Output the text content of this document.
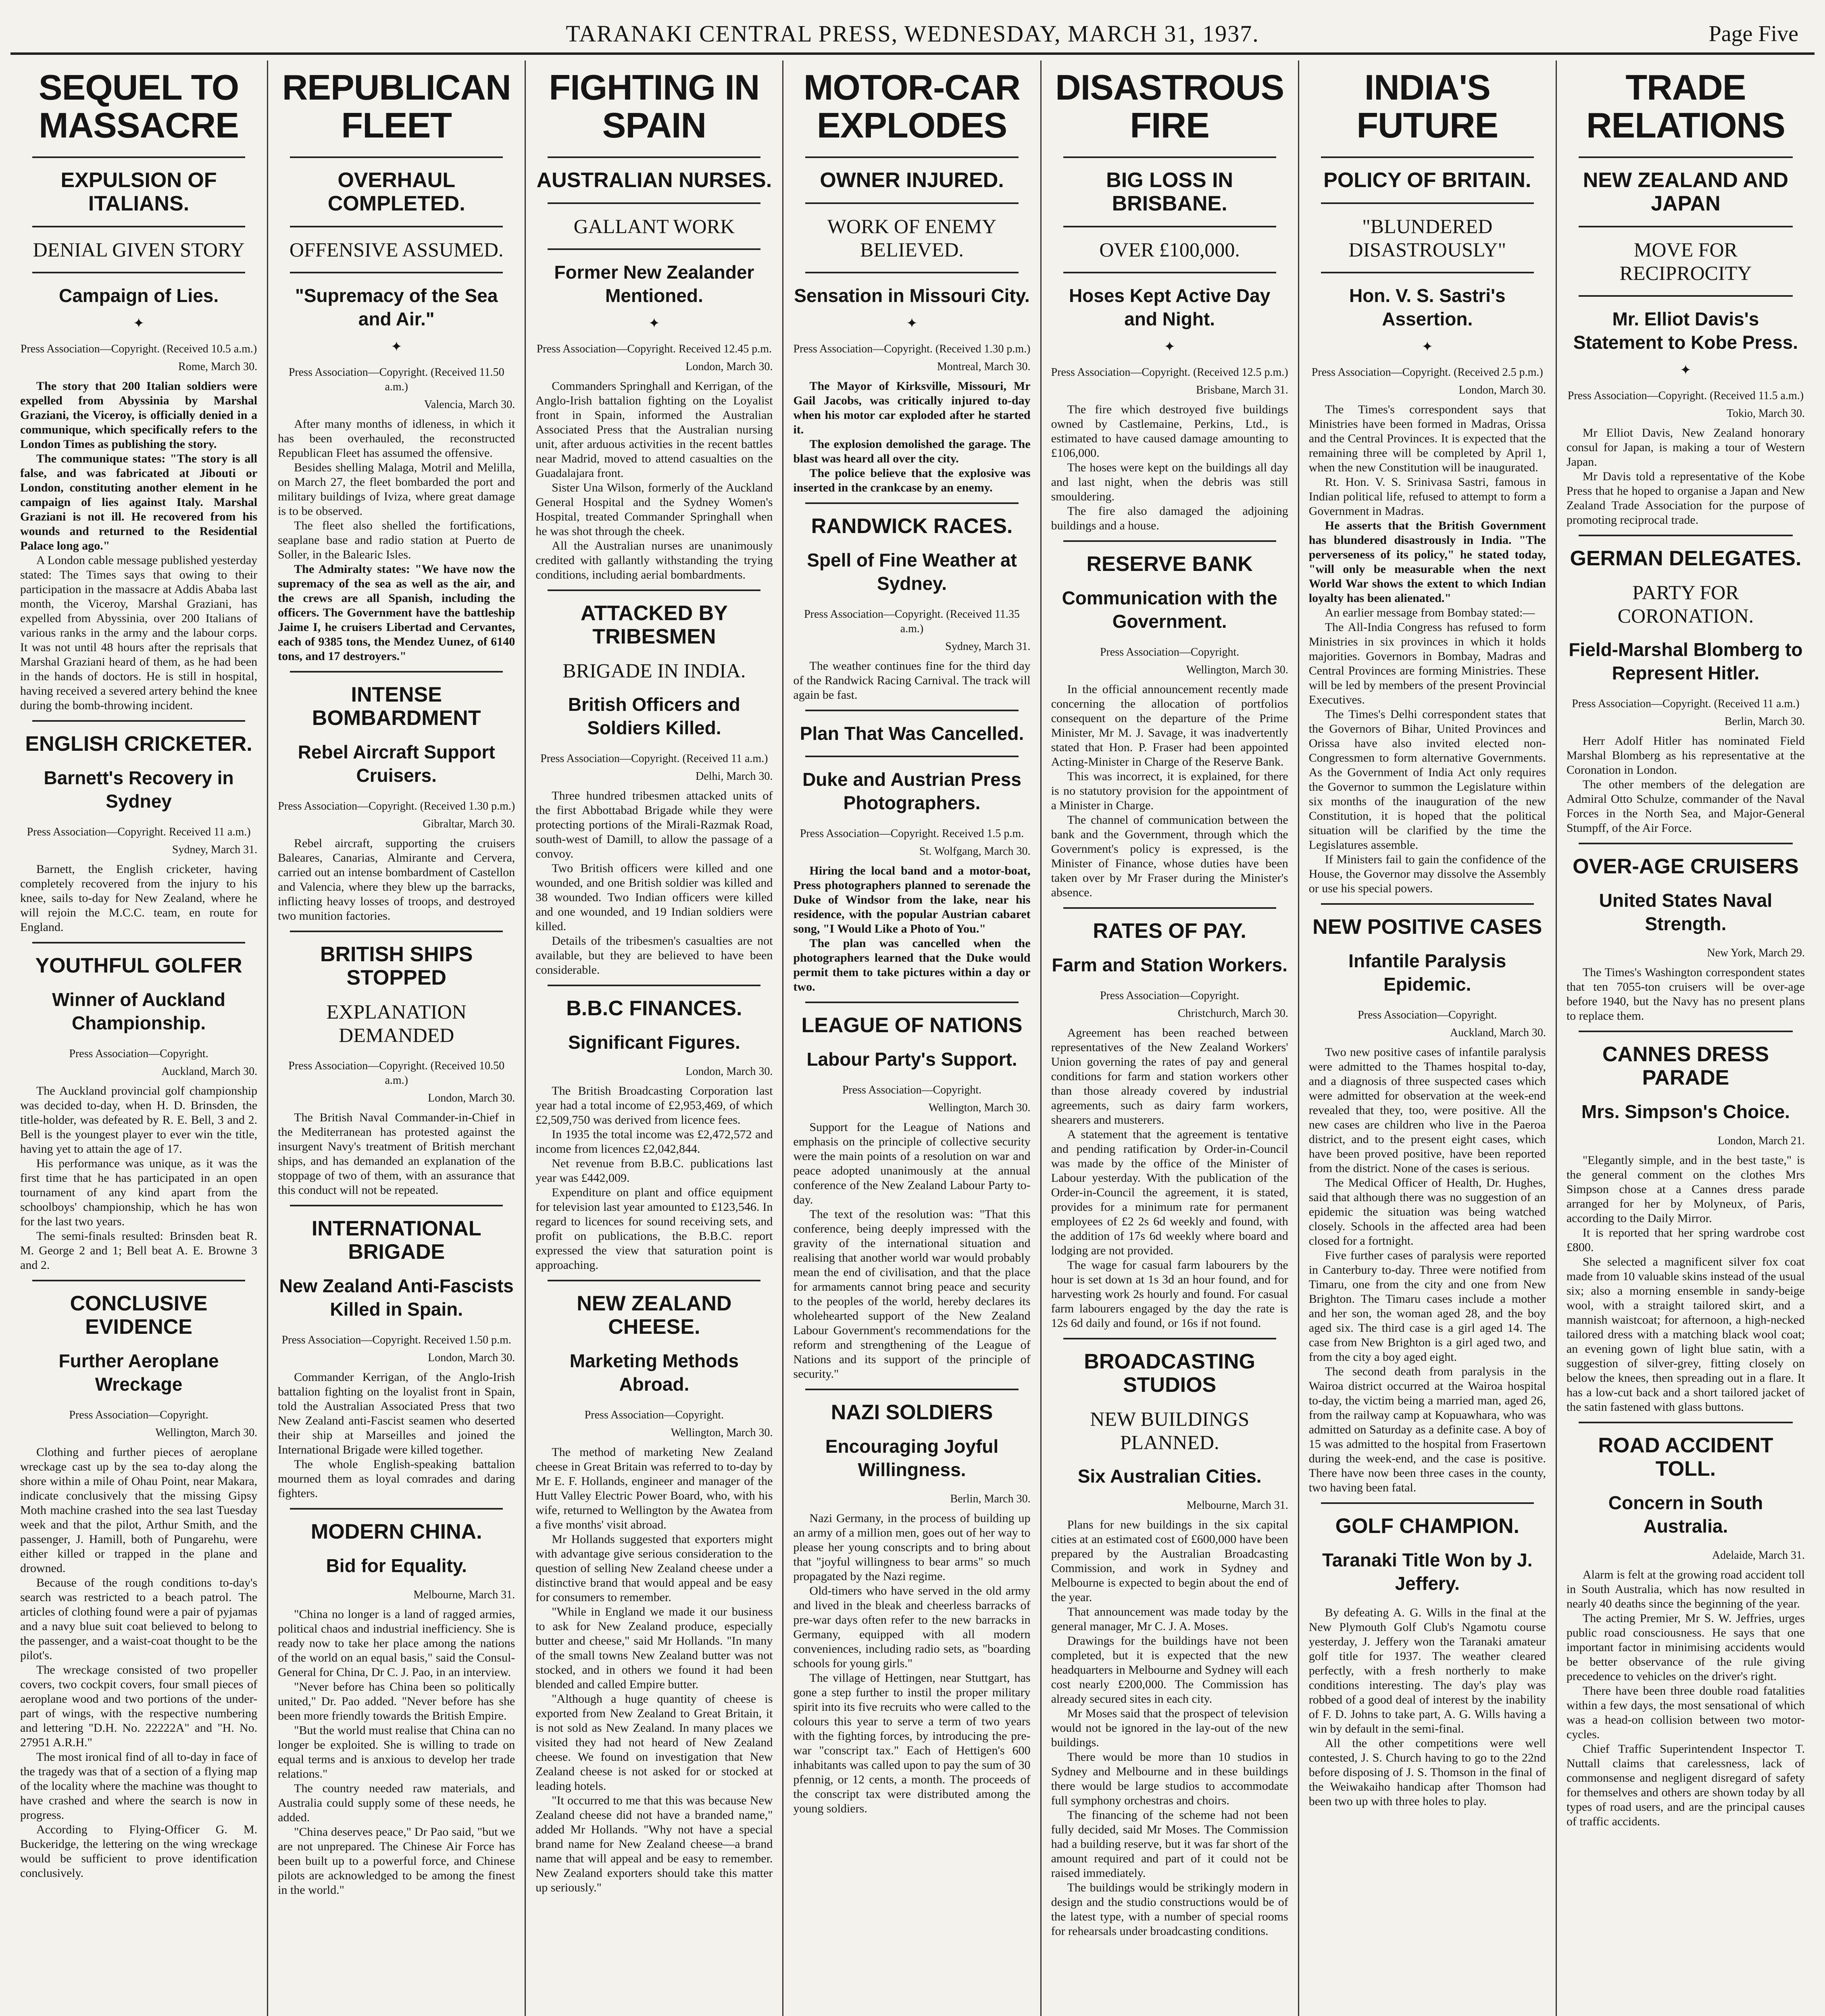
TARANAKI CENTRAL PRESS, WEDNESDAY, MARCH 31, 1937.	Page Five
SEQUEL TO MASSACRE
EXPULSION OF ITALIANS.
DENIAL GIVEN STORY
Campaign of Lies.
✦
Press Association—Copyright. (Received 10.5 a.m.)
Rome, March 30.

The story that 200 Italian soldiers were expelled from Abyssinia by Marshal Graziani, the Viceroy, is officially denied in a communique, which specifically refers to the London Times as publishing the story.

The communique states: "The story is all false, and was fabricated at Jibouti or London, constituting another element in he campaign of lies against Italy. Marshal Graziani is not ill. He recovered from his wounds and returned to the Residential Palace long ago."

A London cable message published yesterday stated: The Times says that owing to their participation in the massacre at Addis Ababa last month, the Viceroy, Marshal Graziani, has expelled from Abyssinia, over 200 Italians of various ranks in the army and the labour corps. It was not until 48 hours after the reprisals that Marshal Graziani heard of them, as he had been in the hands of doctors. He is still in hospital, having received a severed artery behind the knee during the bomb-throwing incident.

ENGLISH CRICKETER.
Barnett's Recovery in Sydney
Press Association—Copyright. Received 11 a.m.)
Sydney, March 31.

Barnett, the English cricketer, having completely recovered from the injury to his knee, sails to-day for New Zealand, where he will rejoin the M.C.C. team, en route for England.

YOUTHFUL GOLFER
Winner of Auckland Championship.
Press Association—Copyright.
Auckland, March 30.

The Auckland provincial golf championship was decided to-day, when H. D. Brinsden, the title-holder, was defeated by R. E. Bell, 3 and 2. Bell is the youngest player to ever win the title, having yet to attain the age of 17.

His performance was unique, as it was the first time that he has participated in an open tournament of any kind apart from the schoolboys' championship, which he has won for the last two years.

The semi-finals resulted: Brinsden beat R. M. George 2 and 1; Bell beat A. E. Browne 3 and 2.

CONCLUSIVE EVIDENCE
Further Aeroplane Wreckage
Press Association—Copyright.
Wellington, March 30.

Clothing and further pieces of aeroplane wreckage cast up by the sea to-day along the shore within a mile of Ohau Point, near Makara, indicate conclusively that the missing Gipsy Moth machine crashed into the sea last Tuesday week and that the pilot, Arthur Smith, and the passenger, J. Hamill, both of Pungarehu, were either killed or trapped in the plane and drowned.

Because of the rough conditions to-day's search was restricted to a beach patrol. The articles of clothing found were a pair of pyjamas and a navy blue suit coat believed to belong to the passenger, and a waist-coat thought to be the pilot's.

The wreckage consisted of two propeller covers, two cockpit covers, four small pieces of aeroplane wood and two portions of the under-part of wings, with the respective numbering and lettering "D.H. No. 22222A" and "H. No. 27951 A.R.H."

The most ironical find of all to-day in face of the tragedy was that of a section of a flying map of the locality where the machine was thought to have crashed and where the search is now in progress.

According to Flying-Officer G. M. Buckeridge, the lettering on the wing wreckage would be sufficient to prove identification conclusively.

REPUBLICAN FLEET
OVERHAUL COMPLETED.
OFFENSIVE ASSUMED.
"Supremacy of the Sea and Air."
✦
Press Association—Copyright. (Received 11.50 a.m.)
Valencia, March 30.

After many months of idleness, in which it has been overhauled, the reconstructed Republican Fleet has assumed the offensive.

Besides shelling Malaga, Motril and Melilla, on March 27, the fleet bombarded the port and military buildings of Iviza, where great damage is to be observed.

The fleet also shelled the fortifications, seaplane base and radio station at Puerto de Soller, in the Balearic Isles.

The Admiralty states: "We have now the supremacy of the sea as well as the air, and the crews are all Spanish, including the officers. The Government have the battleship Jaime I, he cruisers Libertad and Cervantes, each of 9385 tons, the Mendez Uunez, of 6140 tons, and 17 destroyers."

INTENSE BOMBARDMENT
Rebel Aircraft Support Cruisers.
Press Association—Copyright. (Received 1.30 p.m.)
Gibraltar, March 30.

Rebel aircraft, supporting the cruisers Baleares, Canarias, Almirante and Cervera, carried out an intense bombardment of Castellon and Valencia, where they blew up the barracks, inflicting heavy losses of troops, and destroyed two munition factories.

BRITISH SHIPS STOPPED
EXPLANATION DEMANDED
Press Association—Copyright. (Received 10.50 a.m.)
London, March 30.

The British Naval Commander-in-Chief in the Mediterranean has protested against the insurgent Navy's treatment of British merchant ships, and has demanded an explanation of the stoppage of two of them, with an assurance that this conduct will not be repeated.

INTERNATIONAL BRIGADE
New Zealand Anti-Fascists Killed in Spain.
Press Association—Copyright. Received 1.50 p.m.
London, March 30.

Commander Kerrigan, of the Anglo-Irish battalion fighting on the loyalist front in Spain, told the Australian Associated Press that two New Zealand anti-Fascist seamen who deserted their ship at Marseilles and joined the International Brigade were killed together.

The whole English-speaking battalion mourned them as loyal comrades and daring fighters.

MODERN CHINA.
Bid for Equality.
Melbourne, March 31.

"China no longer is a land of ragged armies, political chaos and industrial inefficiency. She is ready now to take her place among the nations of the world on an equal basis," said the Consul-General for China, Dr C. J. Pao, in an interview.

"Never before has China been so politically united," Dr. Pao added. "Never before has she been more friendly towards the British Empire.

"But the world must realise that China can no longer be exploited. She is willing to trade on equal terms and is anxious to develop her trade relations."

The country needed raw materials, and Australia could supply some of these needs, he added.

"China deserves peace," Dr Pao said, "but we are not unprepared. The Chinese Air Force has been built up to a powerful force, and Chinese pilots are acknowledged to be among the finest in the world."

FIGHTING IN SPAIN
AUSTRALIAN NURSES.
GALLANT WORK
Former New Zealander Mentioned.
✦
Press Association—Copyright. Received 12.45 p.m.
London, March 30.

Commanders Springhall and Kerrigan, of the Anglo-Irish battalion fighting on the Loyalist front in Spain, informed the Australian Associated Press that the Australian nursing unit, after arduous activities in the recent battles near Madrid, moved to attend casualties on the Guadalajara front.

Sister Una Wilson, formerly of the Auckland General Hospital and the Sydney Women's Hospital, treated Commander Springhall when he was shot through the cheek.

All the Australian nurses are unanimously credited with gallantly withstanding the trying conditions, including aerial bombardments.

ATTACKED BY TRIBESMEN
BRIGADE IN INDIA.
British Officers and Soldiers Killed.
Press Association—Copyright. (Received 11 a.m.)
Delhi, March 30.

Three hundred tribesmen attacked units of the first Abbottabad Brigade while they were protecting portions of the Mirali-Razmak Road, south-west of Damill, to allow the passage of a convoy.

Two British officers were killed and one wounded, and one British soldier was killed and 38 wounded. Two Indian officers were killed and one wounded, and 19 Indian soldiers were killed.

Details of the tribesmen's casualties are not available, but they are believed to have been considerable.

B.B.C FINANCES.
Significant Figures.
London, March 30.

The British Broadcasting Corporation last year had a total income of £2,953,469, of which £2,509,750 was derived from licence fees.

In 1935 the total income was £2,472,572 and income from licences £2,042,844.

Net revenue from B.B.C. publications last year was £442,009.

Expenditure on plant and office equipment for television last year amounted to £123,546. In regard to licences for sound receiving sets, and profit on publications, the B.B.C. report expressed the view that saturation point is approaching.

NEW ZEALAND CHEESE.
Marketing Methods Abroad.
Press Association—Copyright.
Wellington, March 30.

The method of marketing New Zealand cheese in Great Britain was referred to to-day by Mr E. F. Hollands, engineer and manager of the Hutt Valley Electric Power Board, who, with his wife, returned to Wellington by the Awatea from a five months' visit abroad.

Mr Hollands suggested that exporters might with advantage give serious consideration to the question of selling New Zealand cheese under a distinctive brand that would appeal and be easy for consumers to remember.

"While in England we made it our business to ask for New Zealand produce, especially butter and cheese," said Mr Hollands. "In many of the small towns New Zealand butter was not stocked, and in others we found it had been blended and called Empire butter.

"Although a huge quantity of cheese is exported from New Zealand to Great Britain, it is not sold as New Zealand. In many places we visited they had not heard of New Zealand cheese. We found on investigation that New Zealand cheese is not asked for or stocked at leading hotels.

"It occurred to me that this was because New Zealand cheese did not have a branded name," added Mr Hollands. "Why not have a special brand name for New Zealand cheese—a brand name that will appeal and be easy to remember. New Zealand exporters should take this matter up seriously."

MOTOR-CAR EXPLODES
OWNER INJURED.
WORK OF ENEMY BELIEVED.
Sensation in Missouri City.
✦
Press Association—Copyright. (Received 1.30 p.m.)
Montreal, March 30.

The Mayor of Kirksville, Missouri, Mr Gail Jacobs, was critically injured to-day when his motor car exploded after he started it.

The explosion demolished the garage. The blast was heard all over the city.

The police believe that the explosive was inserted in the crankcase by an enemy.

RANDWICK RACES.
Spell of Fine Weather at Sydney.
Press Association—Copyright. (Received 11.35 a.m.)
Sydney, March 31.

The weather continues fine for the third day of the Randwick Racing Carnival. The track will again be fast.

Plan That Was Cancelled.
Duke and Austrian Press Photographers.
Press Association—Copyright. Received 1.5 p.m.
St. Wolfgang, March 30.

Hiring the local band and a motor-boat, Press photographers planned to serenade the Duke of Windsor from the lake, near his residence, with the popular Austrian cabaret song, "I Would Like a Photo of You."

The plan was cancelled when the photographers learned that the Duke would permit them to take pictures within a day or two.

LEAGUE OF NATIONS
Labour Party's Support.
Press Association—Copyright.
Wellington, March 30.

Support for the League of Nations and emphasis on the principle of collective security were the main points of a resolution on war and peace adopted unanimously at the annual conference of the New Zealand Labour Party to-day.

The text of the resolution was: "That this conference, being deeply impressed with the gravity of the international situation and realising that another world war would probably mean the end of civilisation, and that the place for armaments cannot bring peace and security to the peoples of the world, hereby declares its wholehearted support of the New Zealand Labour Government's recommendations for the reform and strengthening of the League of Nations and its support of the principle of security."

NAZI SOLDIERS
Encouraging Joyful Willingness.
Berlin, March 30.

Nazi Germany, in the process of building up an army of a million men, goes out of her way to please her young conscripts and to bring about that "joyful willingness to bear arms" so much propagated by the Nazi regime.

Old-timers who have served in the old army and lived in the bleak and cheerless barracks of pre-war days often refer to the new barracks in Germany, equipped with all modern conveniences, including radio sets, as "boarding schools for young girls."

The village of Hettingen, near Stuttgart, has gone a step further to instil the proper military spirit into its five recruits who were called to the colours this year to serve a term of two years with the fighting forces, by introducing the pre-war "conscript tax." Each of Hettigen's 600 inhabitants was called upon to pay the sum of 30 pfennig, or 12 cents, a month. The proceeds of the conscript tax were distributed among the young soldiers.

DISASTROUS FIRE
BIG LOSS IN BRISBANE.
OVER £100,000.
Hoses Kept Active Day and Night.
✦
Press Association—Copyright. (Received 12.5 p.m.)
Brisbane, March 31.

The fire which destroyed five buildings owned by Castlemaine, Perkins, Ltd., is estimated to have caused damage amounting to £106,000.

The hoses were kept on the buildings all day and last night, when the debris was still smouldering.

The fire also damaged the adjoining buildings and a house.

RESERVE BANK
Communication with the Government.
Press Association—Copyright.
Wellington, March 30.

In the official announcement recently made concerning the allocation of portfolios consequent on the departure of the Prime Minister, Mr M. J. Savage, it was inadvertently stated that Hon. P. Fraser had been appointed Acting-Minister in Charge of the Reserve Bank.

This was incorrect, it is explained, for there is no statutory provision for the appointment of a Minister in Charge.

The channel of communication between the bank and the Government, through which the Government's policy is expressed, is the Minister of Finance, whose duties have been taken over by Mr Fraser during the Minister's absence.

RATES OF PAY.
Farm and Station Workers.
Press Association—Copyright.
Christchurch, March 30.

Agreement has been reached between representatives of the New Zealand Workers' Union governing the rates of pay and general conditions for farm and station workers other than those already covered by industrial agreements, such as dairy farm workers, shearers and musterers.

A statement that the agreement is tentative and pending ratification by Order-in-Council was made by the office of the Minister of Labour yesterday. With the publication of the Order-in-Council the agreement, it is stated, provides for a minimum rate for permanent employees of £2 2s 6d weekly and found, with the addition of 17s 6d weekly where board and lodging are not provided.

The wage for casual farm labourers by the hour is set down at 1s 3d an hour found, and for harvesting work 2s hourly and found. For casual farm labourers engaged by the day the rate is 12s 6d daily and found, or 16s if not found.

BROADCASTING STUDIOS
NEW BUILDINGS PLANNED.
Six Australian Cities.
Melbourne, March 31.

Plans for new buildings in the six capital cities at an estimated cost of £600,000 have been prepared by the Australian Broadcasting Commission, and work in Sydney and Melbourne is expected to begin about the end of the year.

That announcement was made today by the general manager, Mr C. J. A. Moses.

Drawings for the buildings have not been completed, but it is expected that the new headquarters in Melbourne and Sydney will each cost nearly £200,000. The Commission has already secured sites in each city.

Mr Moses said that the prospect of television would not be ignored in the lay-out of the new buildings.

There would be more than 10 studios in Sydney and Melbourne and in these buildings there would be large studios to accommodate full symphony orchestras and choirs.

The financing of the scheme had not been fully decided, said Mr Moses. The Commission had a building reserve, but it was far short of the amount required and part of it could not be raised immediately.

The buildings would be strikingly modern in design and the studio constructions would be of the latest type, with a number of special rooms for rehearsals under broadcasting conditions.

INDIA'S FUTURE
POLICY OF BRITAIN.
"BLUNDERED DISASTROUSLY"
Hon. V. S. Sastri's Assertion.
✦
Press Association—Copyright. (Received 2.5 p.m.)
London, March 30.

The Times's correspondent says that Ministries have been formed in Madras, Orissa and the Central Provinces. It is expected that the remaining three will be completed by April 1, when the new Constitution will be inaugurated.

Rt. Hon. V. S. Srinivasa Sastri, famous in Indian political life, refused to attempt to form a Government in Madras.

He asserts that the British Government has blundered disastrously in India. "The perverseness of its policy," he stated today, "will only be measurable when the next World War shows the extent to which Indian loyalty has been alienated."

An earlier message from Bombay stated:—

The All-India Congress has refused to form Ministries in six provinces in which it holds majorities. Governors in Bombay, Madras and Central Provinces are forming Ministries. These will be led by members of the present Provincial Executives.

The Times's Delhi correspondent states that the Governors of Bihar, United Provinces and Orissa have also invited elected non-Congressmen to form alternative Governments. As the Government of India Act only requires the Governor to summon the Legislature within six months of the inauguration of the new Constitution, it is hoped that the political situation will be clarified by the time the Legislatures assemble.

If Ministers fail to gain the confidence of the House, the Governor may dissolve the Assembly or use his special powers.

NEW POSITIVE CASES
Infantile Paralysis Epidemic.
Press Association—Copyright.
Auckland, March 30.

Two new positive cases of infantile paralysis were admitted to the Thames hospital to-day, and a diagnosis of three suspected cases which were admitted for observation at the week-end revealed that they, too, were positive. All the new cases are children who live in the Paeroa district, and to the present eight cases, which have been proved positive, have been reported from the district. None of the cases is serious.

The Medical Officer of Health, Dr. Hughes, said that although there was no suggestion of an epidemic the situation was being watched closely. Schools in the affected area had been closed for a fortnight.

Five further cases of paralysis were reported in Canterbury to-day. Three were notified from Timaru, one from the city and one from New Brighton. The Timaru cases include a mother and her son, the woman aged 28, and the boy aged six. The third case is a girl aged 14. The case from New Brighton is a girl aged two, and from the city a boy aged eight.

The second death from paralysis in the Wairoa district occurred at the Wairoa hospital to-day, the victim being a married man, aged 26, from the railway camp at Kopuawhara, who was admitted on Saturday as a definite case. A boy of 15 was admitted to the hospital from Frasertown during the week-end, and the case is positive. There have now been three cases in the county, two having been fatal.

GOLF CHAMPION.
Taranaki Title Won by J. Jeffery.

By defeating A. G. Wills in the final at the New Plymouth Golf Club's Ngamotu course yesterday, J. Jeffery won the Taranaki amateur golf title for 1937. The weather cleared perfectly, with a fresh northerly to make conditions interesting. The day's play was robbed of a good deal of interest by the inability of F. D. Johns to take part, A. G. Wills having a win by default in the semi-final.

All the other competitions were well contested, J. S. Church having to go to the 22nd before disposing of J. S. Thomson in the final of the Weiwakaiho handicap after Thomson had been two up with three holes to play.

TRADE RELATIONS
NEW ZEALAND AND JAPAN
MOVE FOR RECIPROCITY
Mr. Elliot Davis's Statement to Kobe Press.
✦
Press Association—Copyright. (Received 11.5 a.m.)
Tokio, March 30.

Mr Elliot Davis, New Zealand honorary consul for Japan, is making a tour of Western Japan.

Mr Davis told a representative of the Kobe Press that he hoped to organise a Japan and New Zealand Trade Association for the purpose of promoting reciprocal trade.

GERMAN DELEGATES.
PARTY FOR CORONATION.
Field-Marshal Blomberg to Represent Hitler.
Press Association—Copyright. (Received 11 a.m.)
Berlin, March 30.

Herr Adolf Hitler has nominated Field Marshal Blomberg as his representative at the Coronation in London.

The other members of the delegation are Admiral Otto Schulze, commander of the Naval Forces in the North Sea, and Major-General Stumpff, of the Air Force.

OVER-AGE CRUISERS
United States Naval Strength.
New York, March 29.

The Times's Washington correspondent states that ten 7055-ton cruisers will be over-age before 1940, but the Navy has no present plans to replace them.

CANNES DRESS PARADE
Mrs. Simpson's Choice.
London, March 21.

"Elegantly simple, and in the best taste," is the general comment on the clothes Mrs Simpson chose at a Cannes dress parade arranged for her by Molyneux, of Paris, according to the Daily Mirror.

It is reported that her spring wardrobe cost £800.

She selected a magnificent silver fox coat made from 10 valuable skins instead of the usual six; also a morning ensemble in sandy-beige wool, with a straight tailored skirt, and a mannish waistcoat; for afternoon, a high-necked tailored dress with a matching black wool coat; an evening gown of light blue satin, with a suggestion of silver-grey, fitting closely on below the knees, then spreading out in a flare. It has a low-cut back and a short tailored jacket of the satin fastened with glass buttons.

ROAD ACCIDENT TOLL.
Concern in South Australia.
Adelaide, March 31.

Alarm is felt at the growing road accident toll in South Australia, which has now resulted in nearly 40 deaths since the beginning of the year.

The acting Premier, Mr S. W. Jeffries, urges public road consciousness. He says that one important factor in minimising accidents would be better observance of the rule giving precedence to vehicles on the driver's right.

There have been three double road fatalities within a few days, the most sensational of which was a head-on collision between two motor-cycles.

Chief Traffic Superintendent Inspector T. Nuttall claims that carelessness, lack of commonsense and negligent disregard of safety for themselves and others are shown today by all types of road users, and are the principal causes of traffic accidents.
